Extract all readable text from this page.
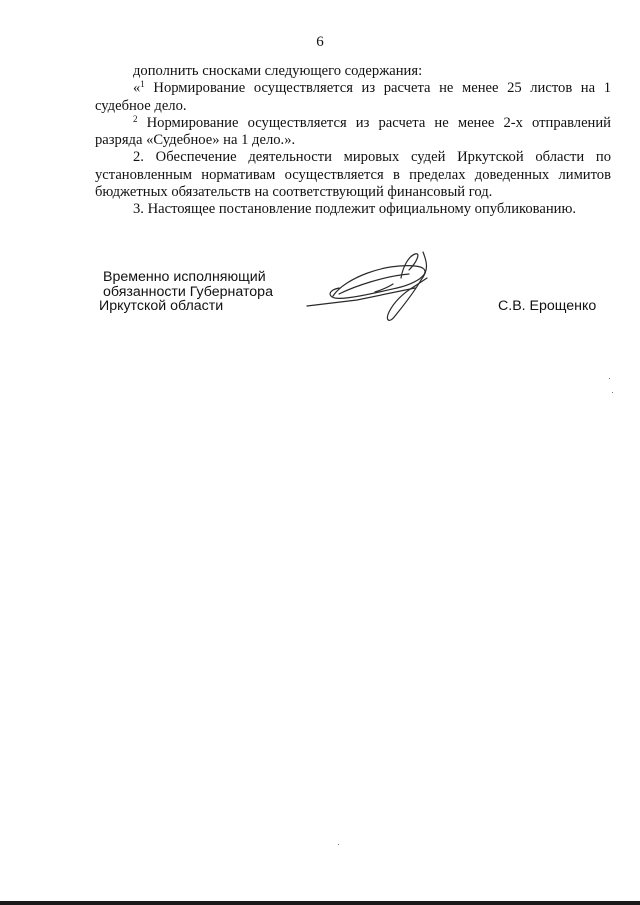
6

дополнить сносками следующего содержания:

«$^1$ Нормирование осуществляется из расчета не менее 25 листов на 1 судебное дело.

$^2$ Нормирование осуществляется из расчета не менее 2-х отправлений разряда «Судебное» на 1 дело.».

2. Обеспечение деятельности мировых судей Иркутской области по установленным нормативам осуществляется в пределах доведенных лимитов бюджетных обязательств на соответствующий финансовый год.

3. Настоящее постановление подлежит официальному опубликованию.

Временно исполняющий
обязанности Губернатора
Иркутской области	С.В. Ерощенко
